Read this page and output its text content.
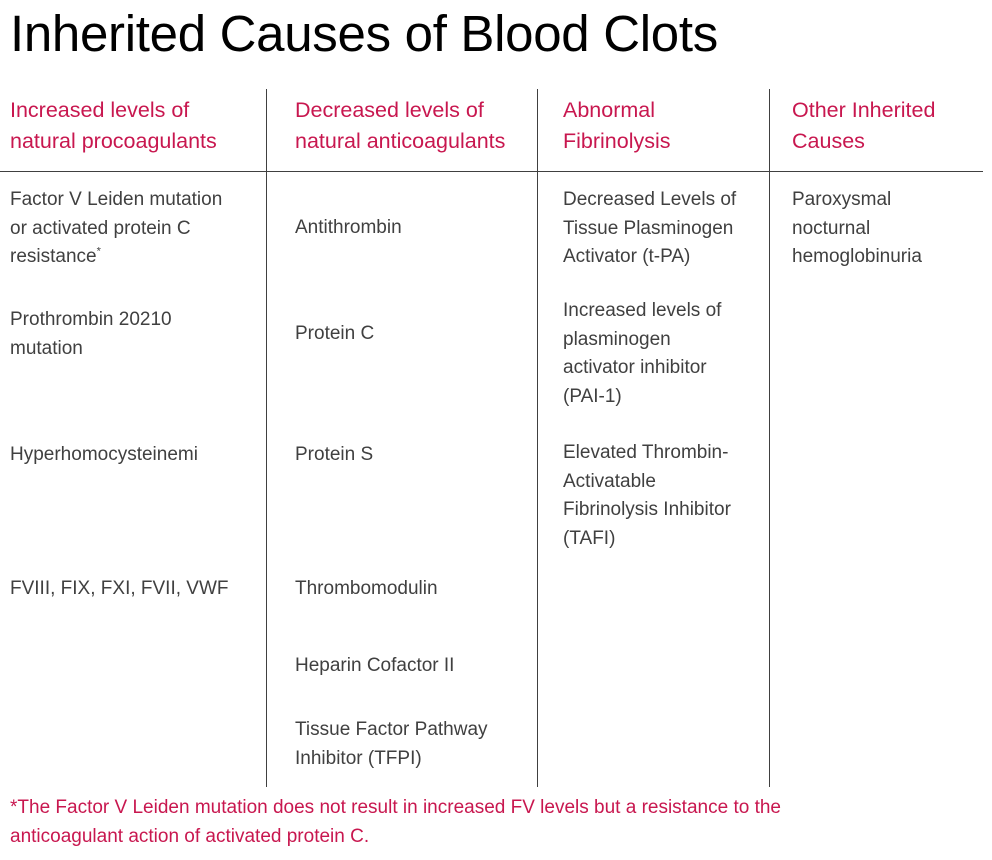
Inherited Causes of Blood Clots
Increased levels of
natural procoagulants
Decreased levels of
natural anticoagulants
Abnormal
Fibrinolysis
Other Inherited
Causes
Factor V Leiden mutation
or activated protein C
resistance*
Prothrombin 20210
mutation
Hyperhomocysteinemi
FVIII, FIX, FXI, FVII, VWF
Antithrombin
Protein C
Protein S
Thrombomodulin
Heparin Cofactor II
Tissue Factor Pathway
Inhibitor (TFPI)
Decreased Levels of
Tissue Plasminogen
Activator (t-PA)
Increased levels of
plasminogen
activator inhibitor
(PAI-1)
Elevated Thrombin-
Activatable
Fibrinolysis Inhibitor
(TAFI)
Paroxysmal
nocturnal
hemoglobinuria
*The Factor V Leiden mutation does not result in increased FV levels but a resistance to the
anticoagulant action of activated protein C.
